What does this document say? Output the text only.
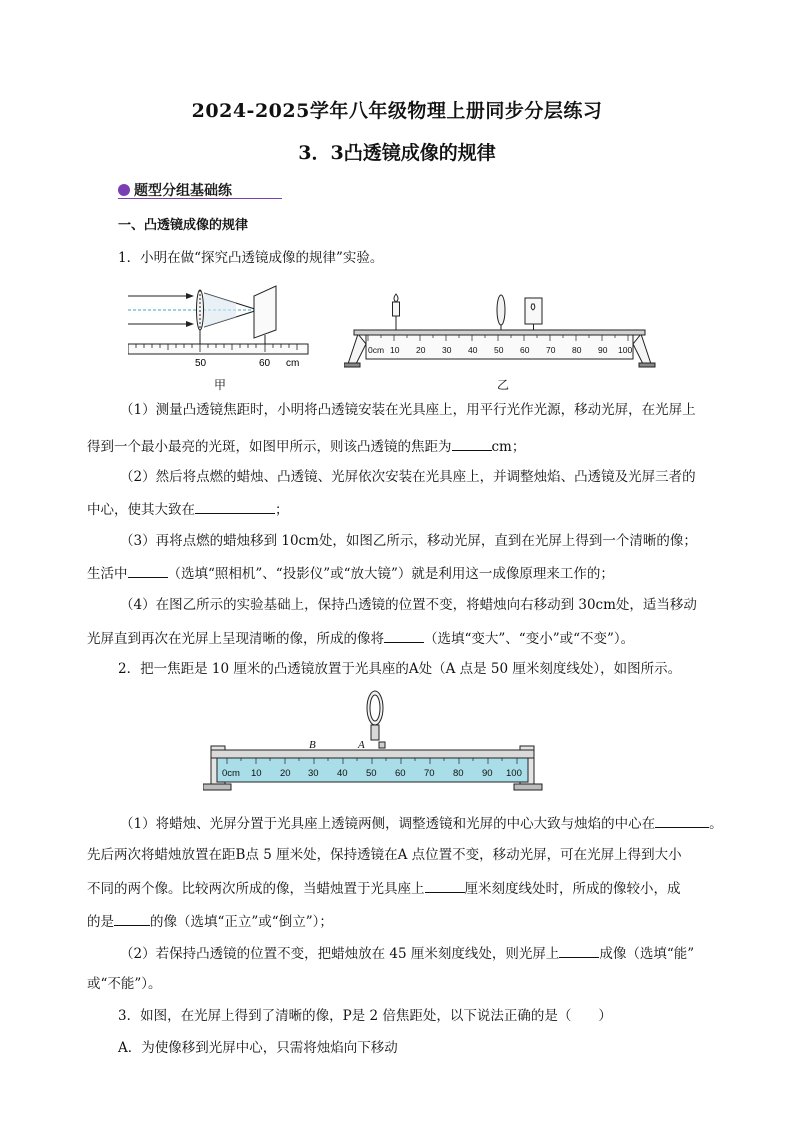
2024-2025学年八年级物理上册同步分层练习
3．3凸透镜成像的规律
题型分组基础练
一、凸透镜成像的规律
1．小明在做“探究凸透镜成像的规律”实验。
50	60 cm
甲
0cm 10 20 30 40 50 60 70 80 90 100
乙
（1）测量凸透镜焦距时，小明将凸透镜安装在光具座上，用平行光作光源，移动光屏，在光屏上
得到一个最小最亮的光斑，如图甲所示，则该凸透镜的焦距为	cm；
（2）然后将点燃的蜡烛、凸透镜、光屏依次安装在光具座上，并调整烛焰、凸透镜及光屏三者的
中心，使其大致在	；
（3）再将点燃的蜡烛移到 10cm处，如图乙所示，移动光屏，直到在光屏上得到一个清晰的像；
生活中	（选填“照相机”、“投影仪”或“放大镜”）就是利用这一成像原理来工作的；
（4）在图乙所示的实验基础上，保持凸透镜的位置不变，将蜡烛向右移动到 30cm处，适当移动
光屏直到再次在光屏上呈现清晰的像，所成的像将	（选填“变大”、“变小”或“不变”）。
2．把一焦距是 10 厘米的凸透镜放置于光具座的A处（A 点是 50 厘米刻度线处），如图所示。
0cm 10 20 30 40 50 60 70 80 90 100
B	A
（1）将蜡烛、光屏分置于光具座上透镜两侧，调整透镜和光屏的中心大致与烛焰的中心在	。
先后两次将蜡烛放置在距B点 5 厘米处，保持透镜在A 点位置不变，移动光屏，可在光屏上得到大小
不同的两个像。比较两次所成的像，当蜡烛置于光具座上	厘米刻度线处时，所成的像较小，成
的是	的像（选填“正立”或“倒立”）；
（2）若保持凸透镜的位置不变，把蜡烛放在 45 厘米刻度线处，则光屏上	成像（选填“能”
或“不能”）。
3．如图，在光屏上得到了清晰的像，P是 2 倍焦距处，以下说法正确的是（　　）
A．为使像移到光屏中心，只需将烛焰向下移动
